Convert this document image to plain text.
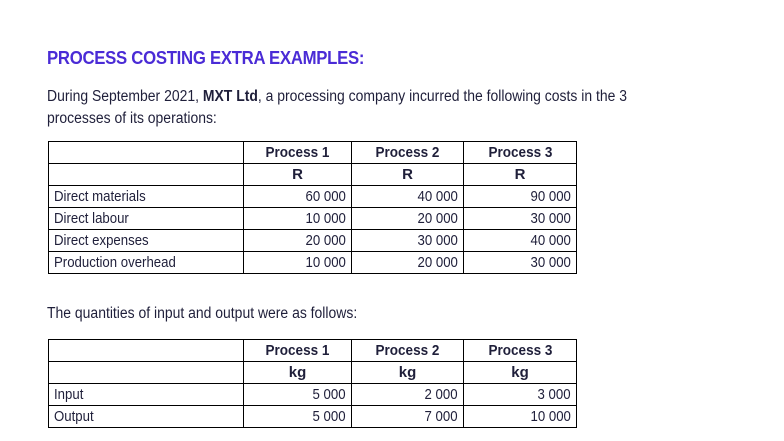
PROCESS COSTING EXTRA EXAMPLES:
During September 2021, MXT Ltd, a processing company incurred the following costs in the 3 processes of its operations:
	Process 1	Process 2	Process 3
	R	R	R
Direct materials	60 000	40 000	90 000
Direct labour	10 000	20 000	30 000
Direct expenses	20 000	30 000	40 000
Production overhead	10 000	20 000	30 000
The quantities of input and output were as follows:
	Process 1	Process 2	Process 3
	kg	kg	kg
Input	5 000	2 000	3 000
Output	5 000	7 000	10 000
